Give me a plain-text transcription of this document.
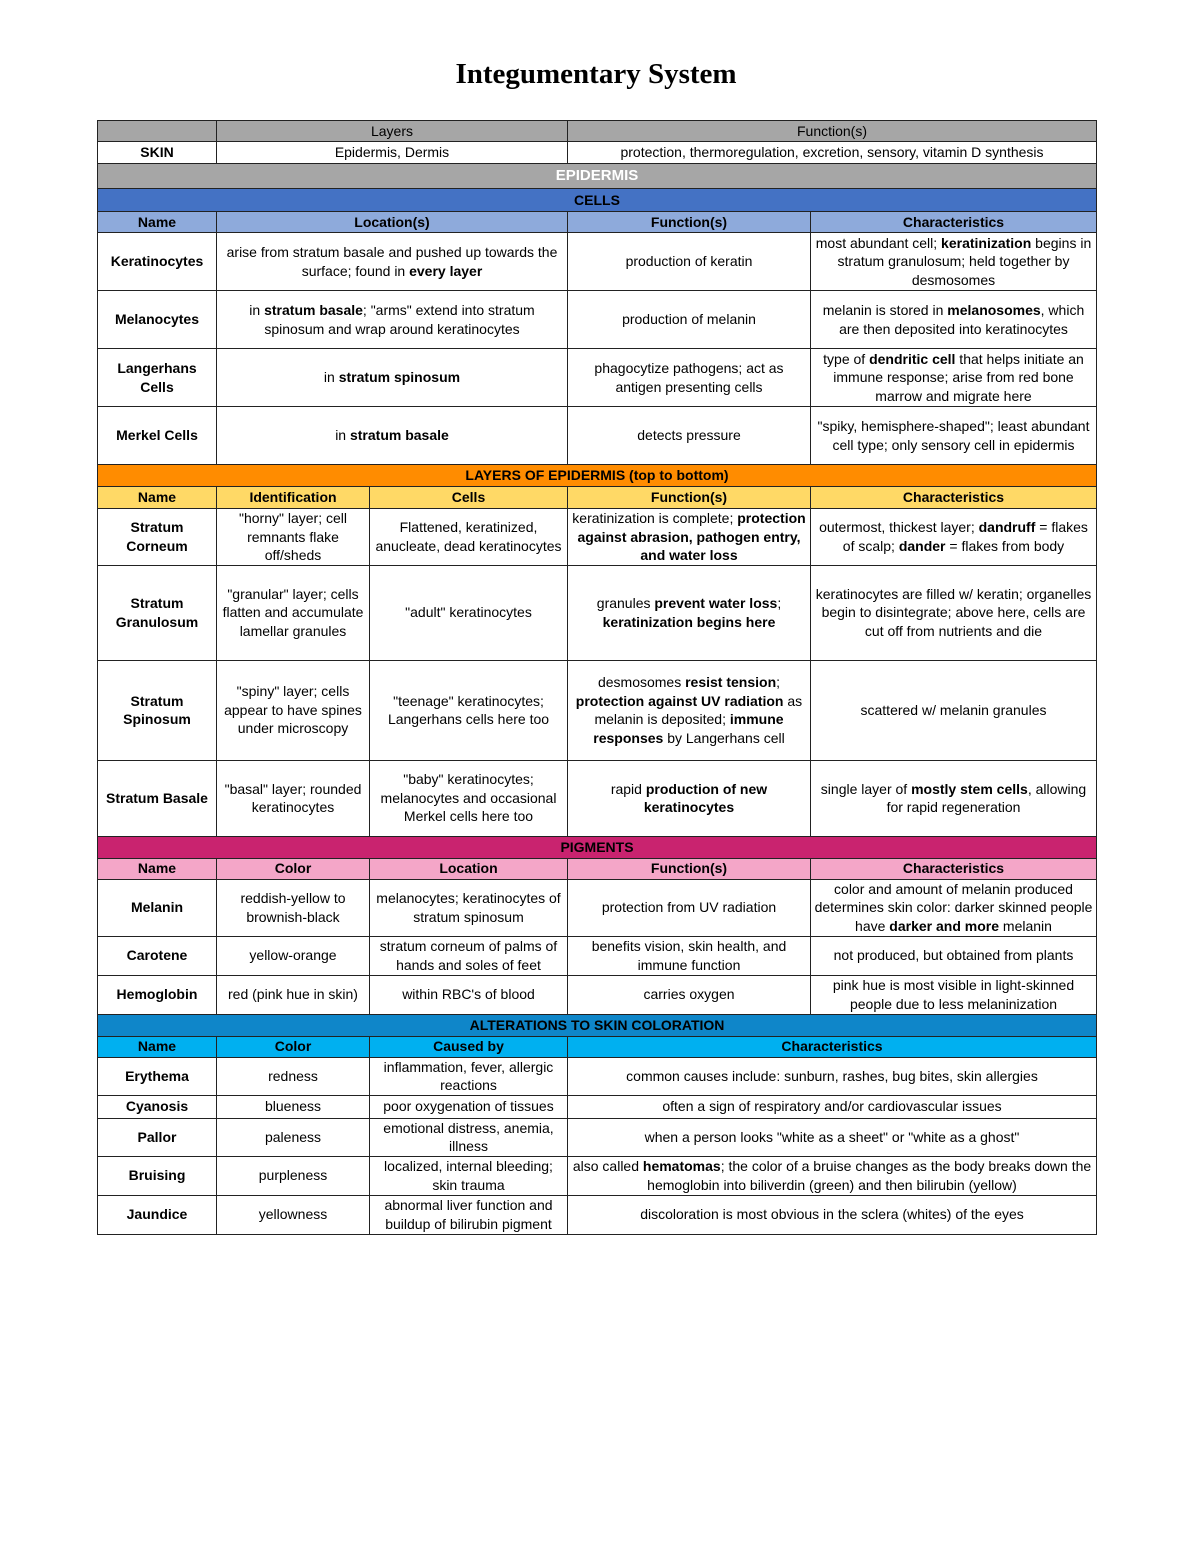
Integumentary System
	Layers		Function(s)	
SKIN	Epidermis, Dermis		protection, thermoregulation, excretion, sensory, vitamin D synthesis	
EPIDERMIS				
CELLS				
Name	Location(s)		Function(s)	Characteristics
Keratinocytes	arise from stratum basale and pushed up towards the surface; found in every layer		production of keratin	most abundant cell; keratinization begins in stratum granulosum; held together by desmosomes
Melanocytes	in stratum basale; "arms" extend into stratum spinosum and wrap around keratinocytes		production of melanin	melanin is stored in melanosomes, which are then deposited into keratinocytes
Langerhans Cells	in stratum spinosum		phagocytize pathogens; act as antigen presenting cells	type of dendritic cell that helps initiate an immune response; arise from red bone marrow and migrate here
Merkel Cells	in stratum basale		detects pressure	"spiky, hemisphere-shaped"; least abundant cell type; only sensory cell in epidermis
LAYERS OF EPIDERMIS (top to bottom)				
Name	Identification	Cells	Function(s)	Characteristics
Stratum Corneum	"horny" layer; cell remnants flake off/sheds	Flattened, keratinized, anucleate, dead keratinocytes	keratinization is complete; protection against abrasion, pathogen entry, and water loss	outermost, thickest layer; dandruff = flakes of scalp; dander = flakes from body
Stratum Granulosum	"granular" layer; cells flatten and accumulate lamellar granules	"adult" keratinocytes	granules prevent water loss; keratinization begins here	keratinocytes are filled w/ keratin; organelles begin to disintegrate; above here, cells are cut off from nutrients and die
Stratum Spinosum	"spiny" layer; cells appear to have spines under microscopy	"teenage" keratinocytes; Langerhans cells here too	desmosomes resist tension; protection against UV radiation as melanin is deposited; immune responses by Langerhans cell	scattered w/ melanin granules
Stratum Basale	"basal" layer; rounded keratinocytes	"baby" keratinocytes; melanocytes and occasional Merkel cells here too	rapid production of new keratinocytes	single layer of mostly stem cells, allowing for rapid regeneration
PIGMENTS				
Name	Color	Location	Function(s)	Characteristics
Melanin	reddish-yellow to brownish-black	melanocytes; keratinocytes of stratum spinosum	protection from UV radiation	color and amount of melanin produced determines skin color: darker skinned people have darker and more melanin
Carotene	yellow-orange	stratum corneum of palms of hands and soles of feet	benefits vision, skin health, and immune function	not produced, but obtained from plants
Hemoglobin	red (pink hue in skin)	within RBC's of blood	carries oxygen	pink hue is most visible in light-skinned people due to less melaninization
ALTERATIONS TO SKIN COLORATION				
Name	Color	Caused by	Characteristics	
Erythema	redness	inflammation, fever, allergic reactions	common causes include: sunburn, rashes, bug bites, skin allergies	
Cyanosis	blueness	poor oxygenation of tissues	often a sign of respiratory and/or cardiovascular issues	
Pallor	paleness	emotional distress, anemia, illness	when a person looks "white as a sheet" or "white as a ghost"	
Bruising	purpleness	localized, internal bleeding; skin trauma	also called hematomas; the color of a bruise changes as the body breaks down the hemoglobin into biliverdin (green) and then bilirubin (yellow)	
Jaundice	yellowness	abnormal liver function and buildup of bilirubin pigment	discoloration is most obvious in the sclera (whites) of the eyes	
